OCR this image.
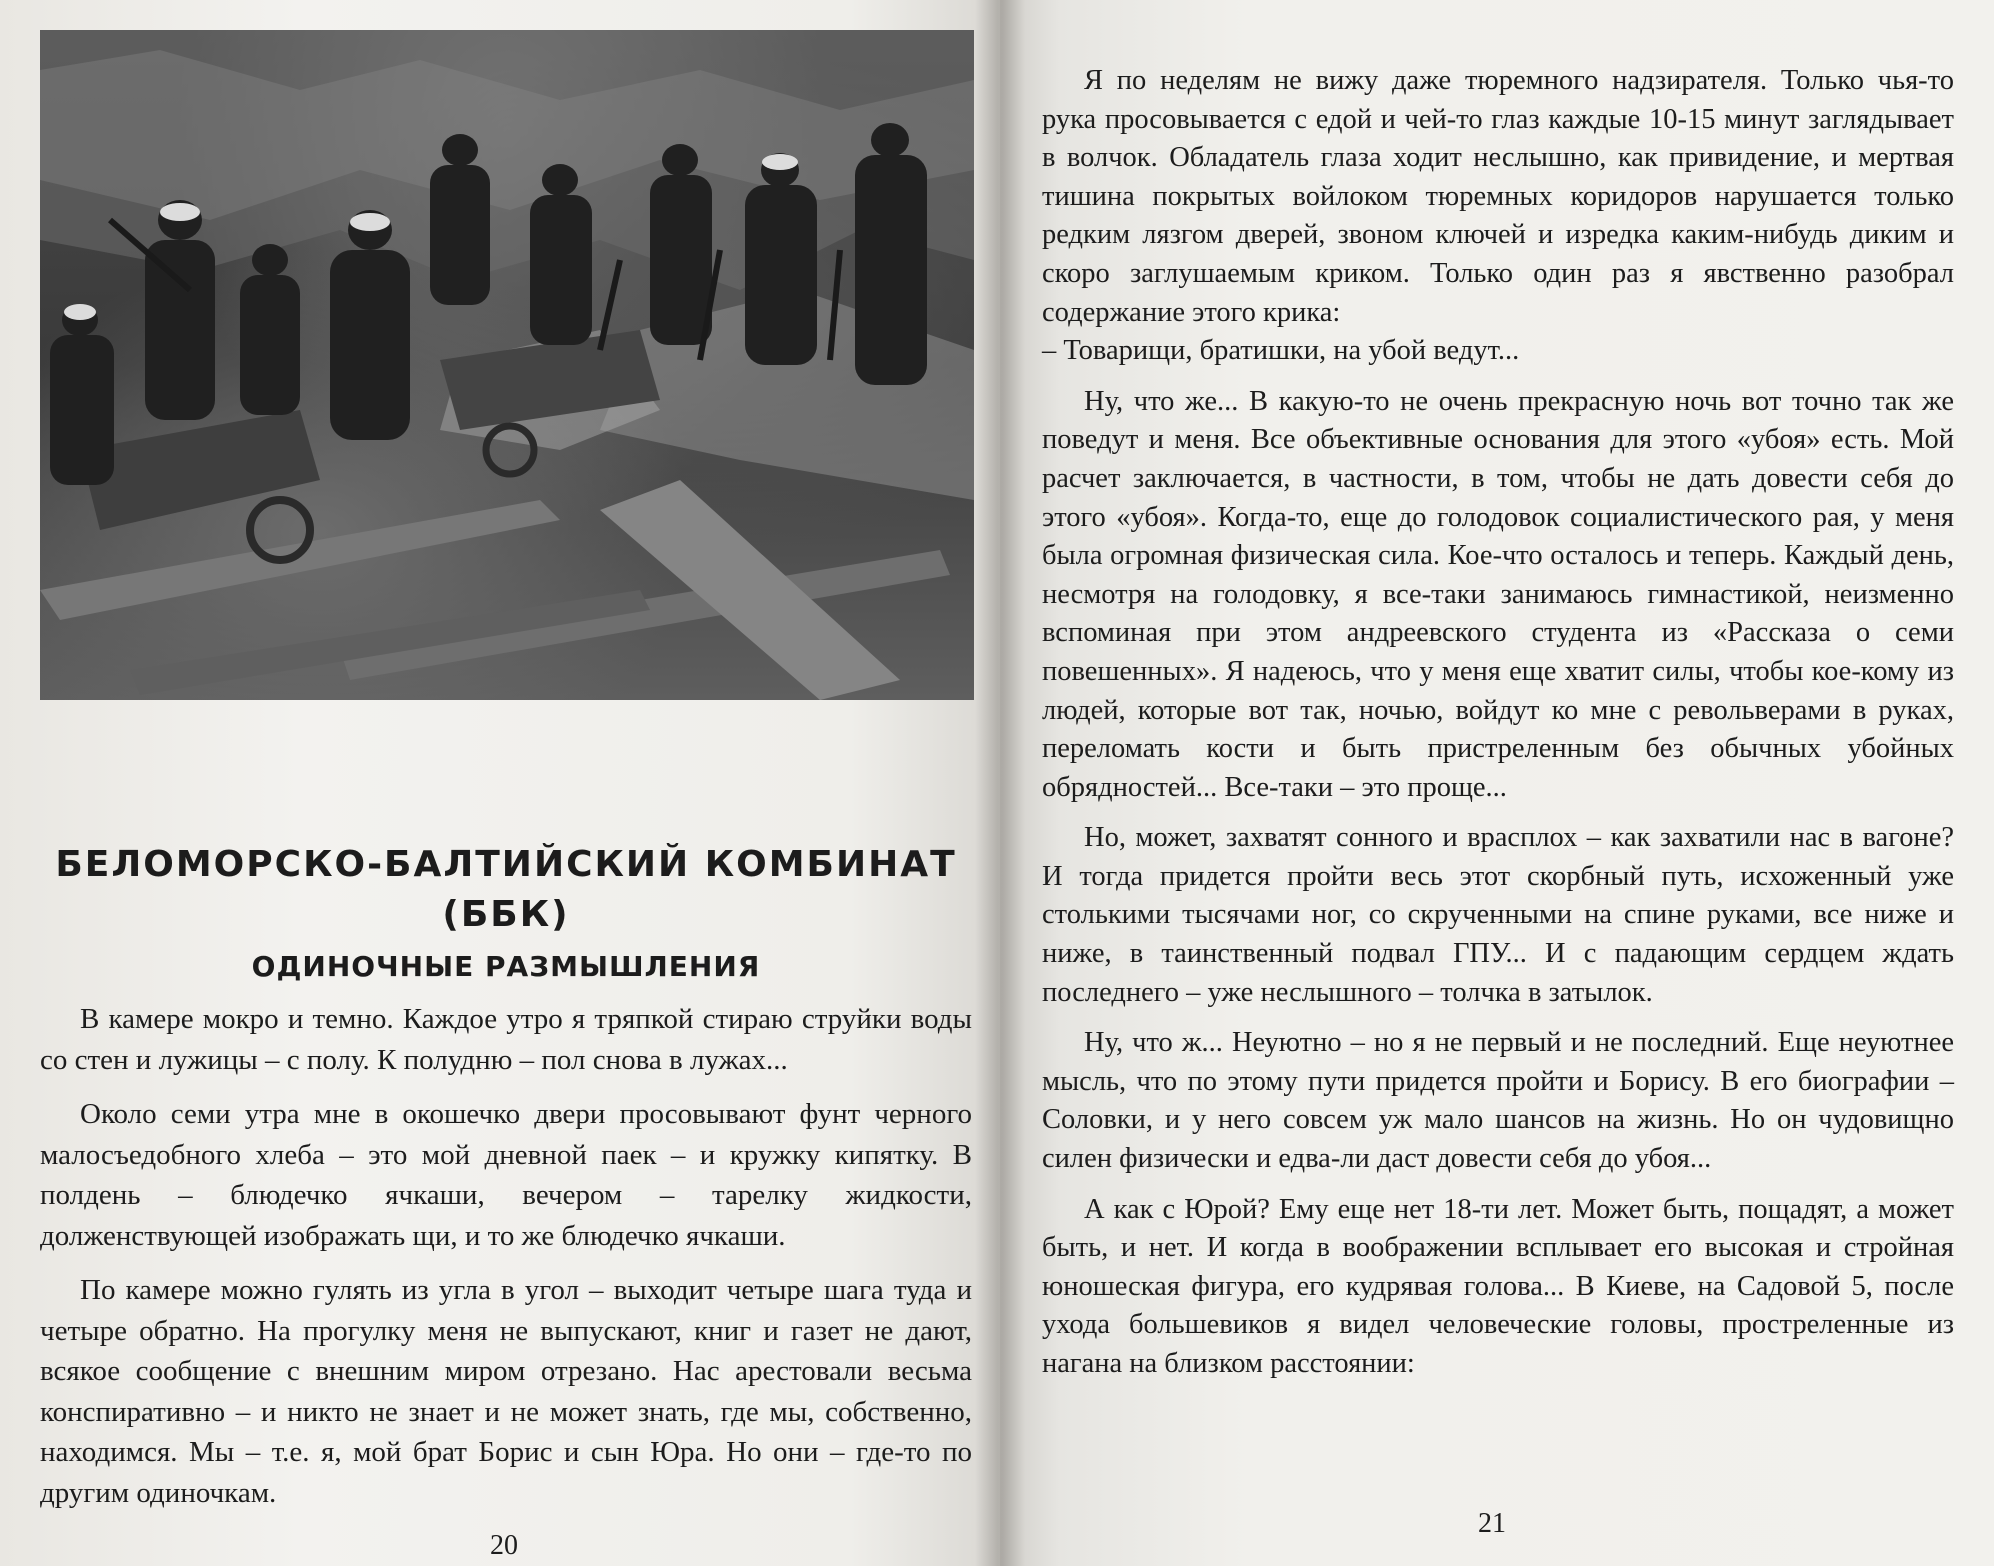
БЕЛОМОРСКО-БАЛТИЙСКИЙ КОМБИНАТ (ББК)
ОДИНОЧНЫЕ РАЗМЫШЛЕНИЯ

В камере мокро и темно. Каждое утро я тряпкой стираю струйки воды со стен и лужицы – с полу. К полудню – пол снова в лужах...

Около семи утра мне в окошечко двери просовывают фунт черного малосъедобного хлеба – это мой дневной паек – и кружку кипятку. В полдень – блюдечко ячкаши, вечером – тарелку жидкости, долженствующей изображать щи, и то же блюдечко ячкаши.

По камере можно гулять из угла в угол – выходит четыре шага туда и четыре обратно. На прогулку меня не выпускают, книг и газет не дают, всякое сообщение с внешним миром отрезано. Нас арестовали весьма конспиративно – и никто не знает и не может знать, где мы, собственно, находимся. Мы – т.е. я, мой брат Борис и сын Юра. Но они – где-то по другим одиночкам.

20

Я по неделям не вижу даже тюремного надзирателя. Только чья-то рука просовывается с едой и чей-то глаз каждые 10-15 минут заглядывает в волчок. Обладатель глаза ходит неслышно, как привидение, и мертвая тишина покрытых войлоком тюремных коридоров нарушается только редким лязгом дверей, звоном ключей и изредка каким-нибудь диким и скоро заглушаемым криком. Только один раз я явственно разобрал содержание этого крика:

– Товарищи, братишки, на убой ведут...

Ну, что же... В какую-то не очень прекрасную ночь вот точно так же поведут и меня. Все объективные основания для этого «убоя» есть. Мой расчет заключается, в частности, в том, чтобы не дать довести себя до этого «убоя». Когда-то, еще до голодовок социалистического рая, у меня была огромная физическая сила. Кое-что осталось и теперь. Каждый день, несмотря на голодовку, я все-таки занимаюсь гимнастикой, неизменно вспоминая при этом андреевского студента из «Рассказа о семи повешенных». Я надеюсь, что у меня еще хватит силы, чтобы кое-кому из людей, которые вот так, ночью, войдут ко мне с револьверами в руках, переломать кости и быть пристреленным без обычных убойных обрядностей... Все-таки – это проще...

Но, может, захватят сонного и врасплох – как захватили нас в вагоне? И тогда придется пройти весь этот скорбный путь, исхоженный уже столькими тысячами ног, со скрученными на спине руками, все ниже и ниже, в таинственный подвал ГПУ... И с падающим сердцем ждать последнего – уже неслышного – толчка в затылок.

Ну, что ж... Неуютно – но я не первый и не последний. Еще неуютнее мысль, что по этому пути придется пройти и Борису. В его биографии – Соловки, и у него совсем уж мало шансов на жизнь. Но он чудовищно силен физически и едва-ли даст довести себя до убоя...

А как с Юрой? Ему еще нет 18-ти лет. Может быть, пощадят, а может быть, и нет. И когда в воображении всплывает его высокая и стройная юношеская фигура, его кудрявая голова... В Киеве, на Садовой 5, после ухода большевиков я видел человеческие головы, простреленные из нагана на близком расстоянии:

21
